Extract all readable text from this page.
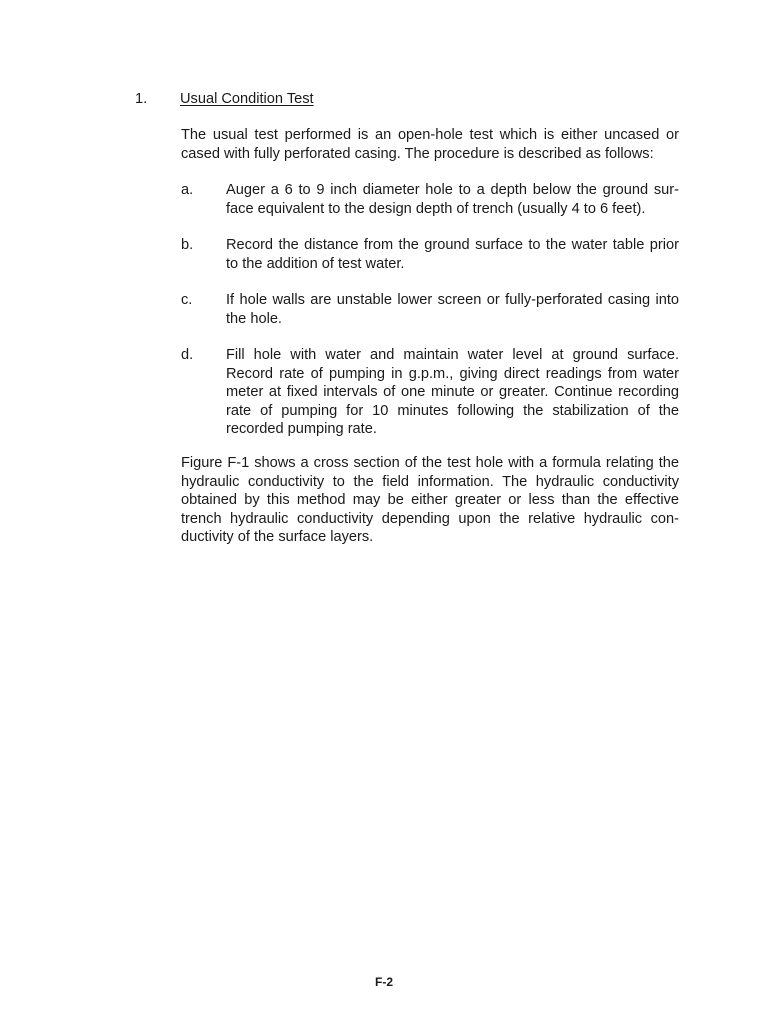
1. Usual Condition Test

The usual test performed is an open-hole test which is either uncased or cased with fully perforated casing. The procedure is described as follows:

a. Auger a 6 to 9 inch diameter hole to a depth below the ground sur-face equivalent to the design depth of trench (usually 4 to 6 feet).

b. Record the distance from the ground surface to the water table prior to the addition of test water.

c. If hole walls are unstable lower screen or fully-perforated casing into the hole.

d. Fill hole with water and maintain water level at ground surface. Record rate of pumping in g.p.m., giving direct readings from water meter at fixed intervals of one minute or greater. Continue recording rate of pumping for 10 minutes following the stabilization of the recorded pumping rate.

Figure F-1 shows a cross section of the test hole with a formula relating the hydraulic conductivity to the field information. The hydraulic conductivity obtained by this method may be either greater or less than the effective trench hydraulic conductivity depending upon the relative hydraulic con-ductivity of the surface layers.

F-2
